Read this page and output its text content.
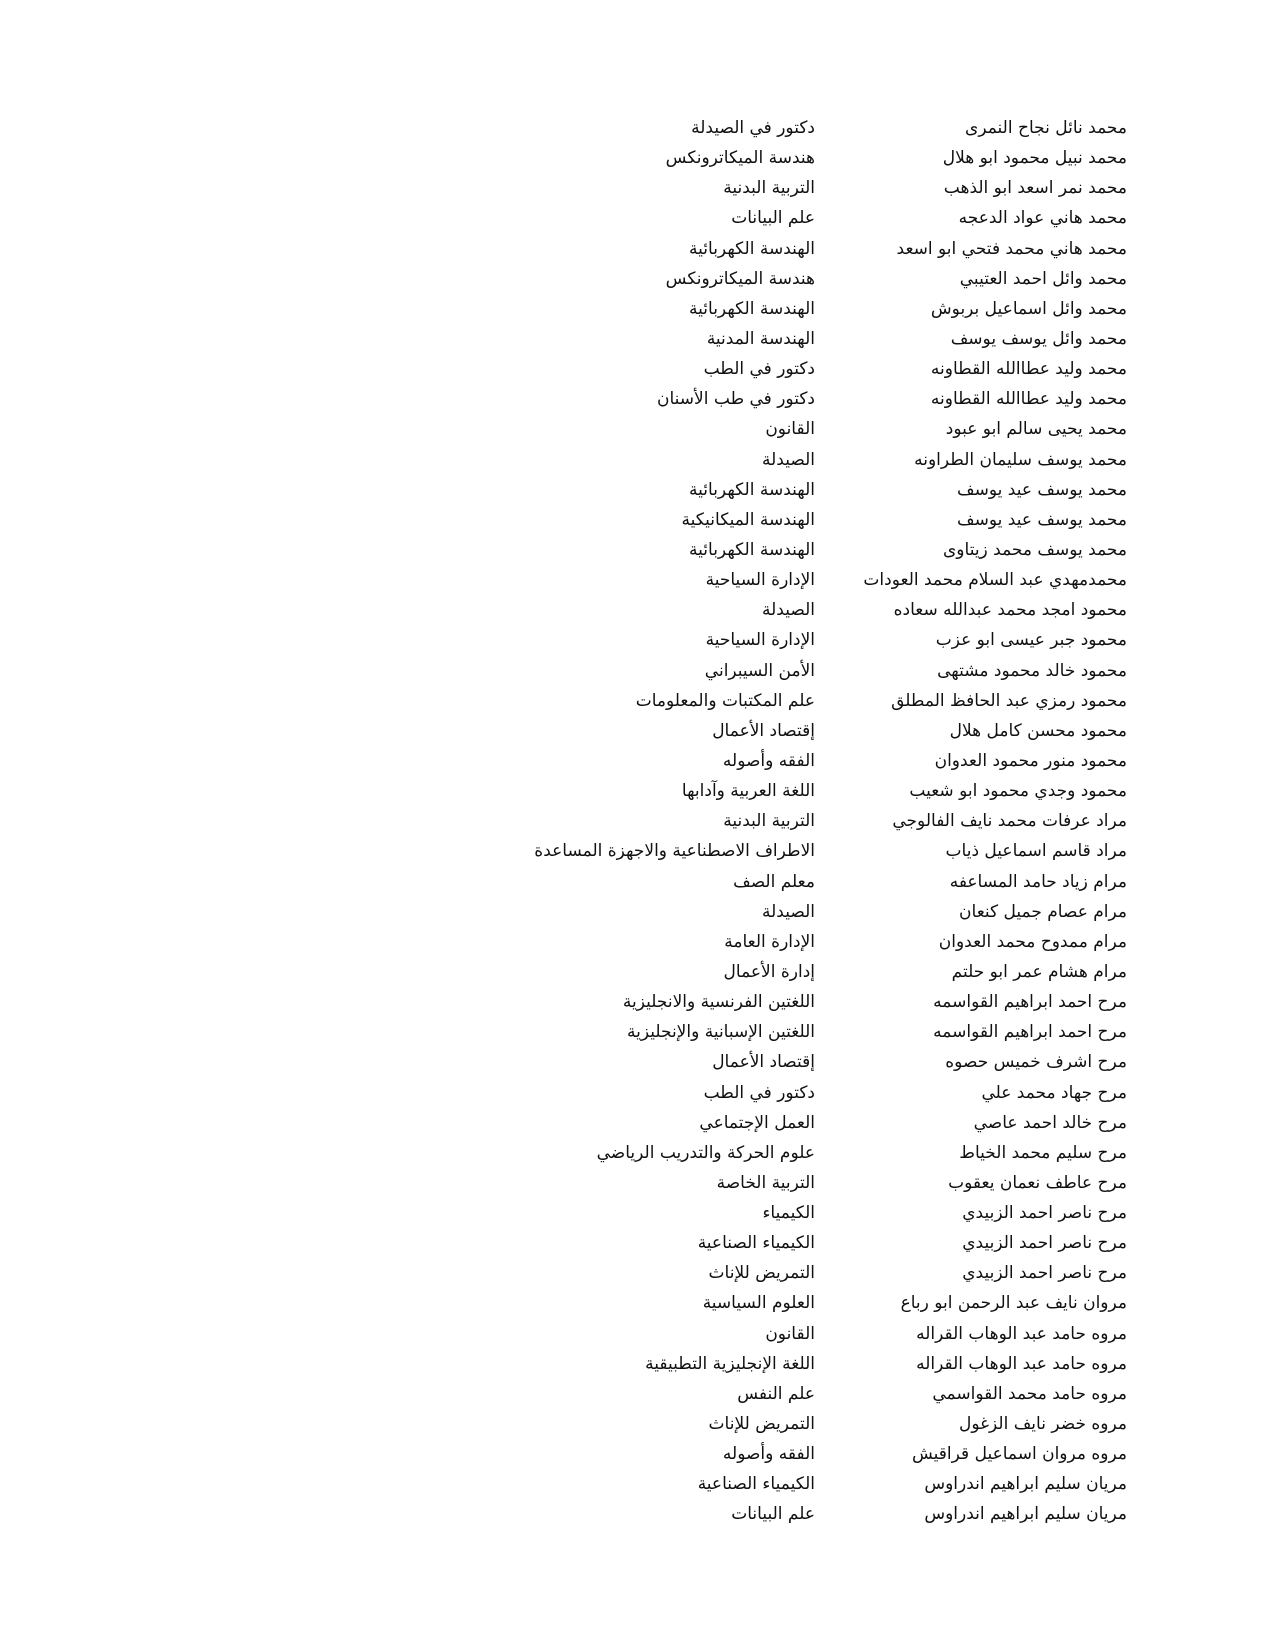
محمد نائل نجاح النمرى
دكتور في الصيدلة
محمد نبيل محمود ابو هلال
هندسة الميكاترونكس
محمد نمر اسعد ابو الذهب
التربية البدنية
محمد هاني عواد الدعجه
علم البيانات
محمد هاني محمد فتحي ابو اسعد
الهندسة الكهربائية
محمد وائل احمد العتيبي
هندسة الميكاترونكس
محمد وائل اسماعيل بربوش
الهندسة الكهربائية
محمد وائل يوسف يوسف
الهندسة المدنية
محمد وليد عطاالله القطاونه
دكتور في الطب
محمد وليد عطاالله القطاونه
دكتور في طب الأسنان
محمد يحيى سالم ابو عبود
القانون
محمد يوسف سليمان الطراونه
الصيدلة
محمد يوسف عيد يوسف
الهندسة الكهربائية
محمد يوسف عيد يوسف
الهندسة الميكانيكية
محمد يوسف محمد زيتاوى
الهندسة الكهربائية
محمدمهدي عبد السلام محمد العودات
الإدارة السياحية
محمود امجد محمد عبدالله سعاده
الصيدلة
محمود جبر عيسى ابو عزب
الإدارة السياحية
محمود خالد محمود مشتهى
الأمن السيبراني
محمود رمزي عبد الحافظ المطلق
علم المكتبات والمعلومات
محمود محسن كامل هلال
إقتصاد الأعمال
محمود منور محمود العدوان
الفقه وأصوله
محمود وجدي محمود ابو شعيب
اللغة العربية وآدابها
مراد عرفات محمد نايف الفالوجي
التربية البدنية
مراد قاسم اسماعيل ذياب
الاطراف الاصطناعية والاجهزة المساعدة
مرام زياد حامد المساعفه
معلم الصف
مرام عصام جميل كنعان
الصيدلة
مرام ممدوح محمد العدوان
الإدارة العامة
مرام هشام عمر ابو حلتم
إدارة الأعمال
مرح احمد ابراهيم القواسمه
اللغتين الفرنسية والانجليزية
مرح احمد ابراهيم القواسمه
اللغتين الإسبانية والإنجليزية
مرح اشرف خميس حصوه
إقتصاد الأعمال
مرح جهاد محمد علي
دكتور في الطب
مرح خالد احمد عاصي
العمل الإجتماعي
مرح سليم محمد الخياط
علوم الحركة والتدريب الرياضي
مرح عاطف نعمان يعقوب
التربية الخاصة
مرح ناصر احمد الزبيدي
الكيمياء
مرح ناصر احمد الزبيدي
الكيمياء الصناعية
مرح ناصر احمد الزبيدي
التمريض للإناث
مروان نايف عبد الرحمن ابو رباع
العلوم السياسية
مروه حامد عبد الوهاب القراله
القانون
مروه حامد عبد الوهاب القراله
اللغة الإنجليزية التطبيقية
مروه حامد محمد القواسمي
علم النفس
مروه خضر نايف الزغول
التمريض للإناث
مروه مروان اسماعيل قراقيش
الفقه وأصوله
مريان سليم ابراهيم اندراوس
الكيمياء الصناعية
مريان سليم ابراهيم اندراوس
علم البيانات
